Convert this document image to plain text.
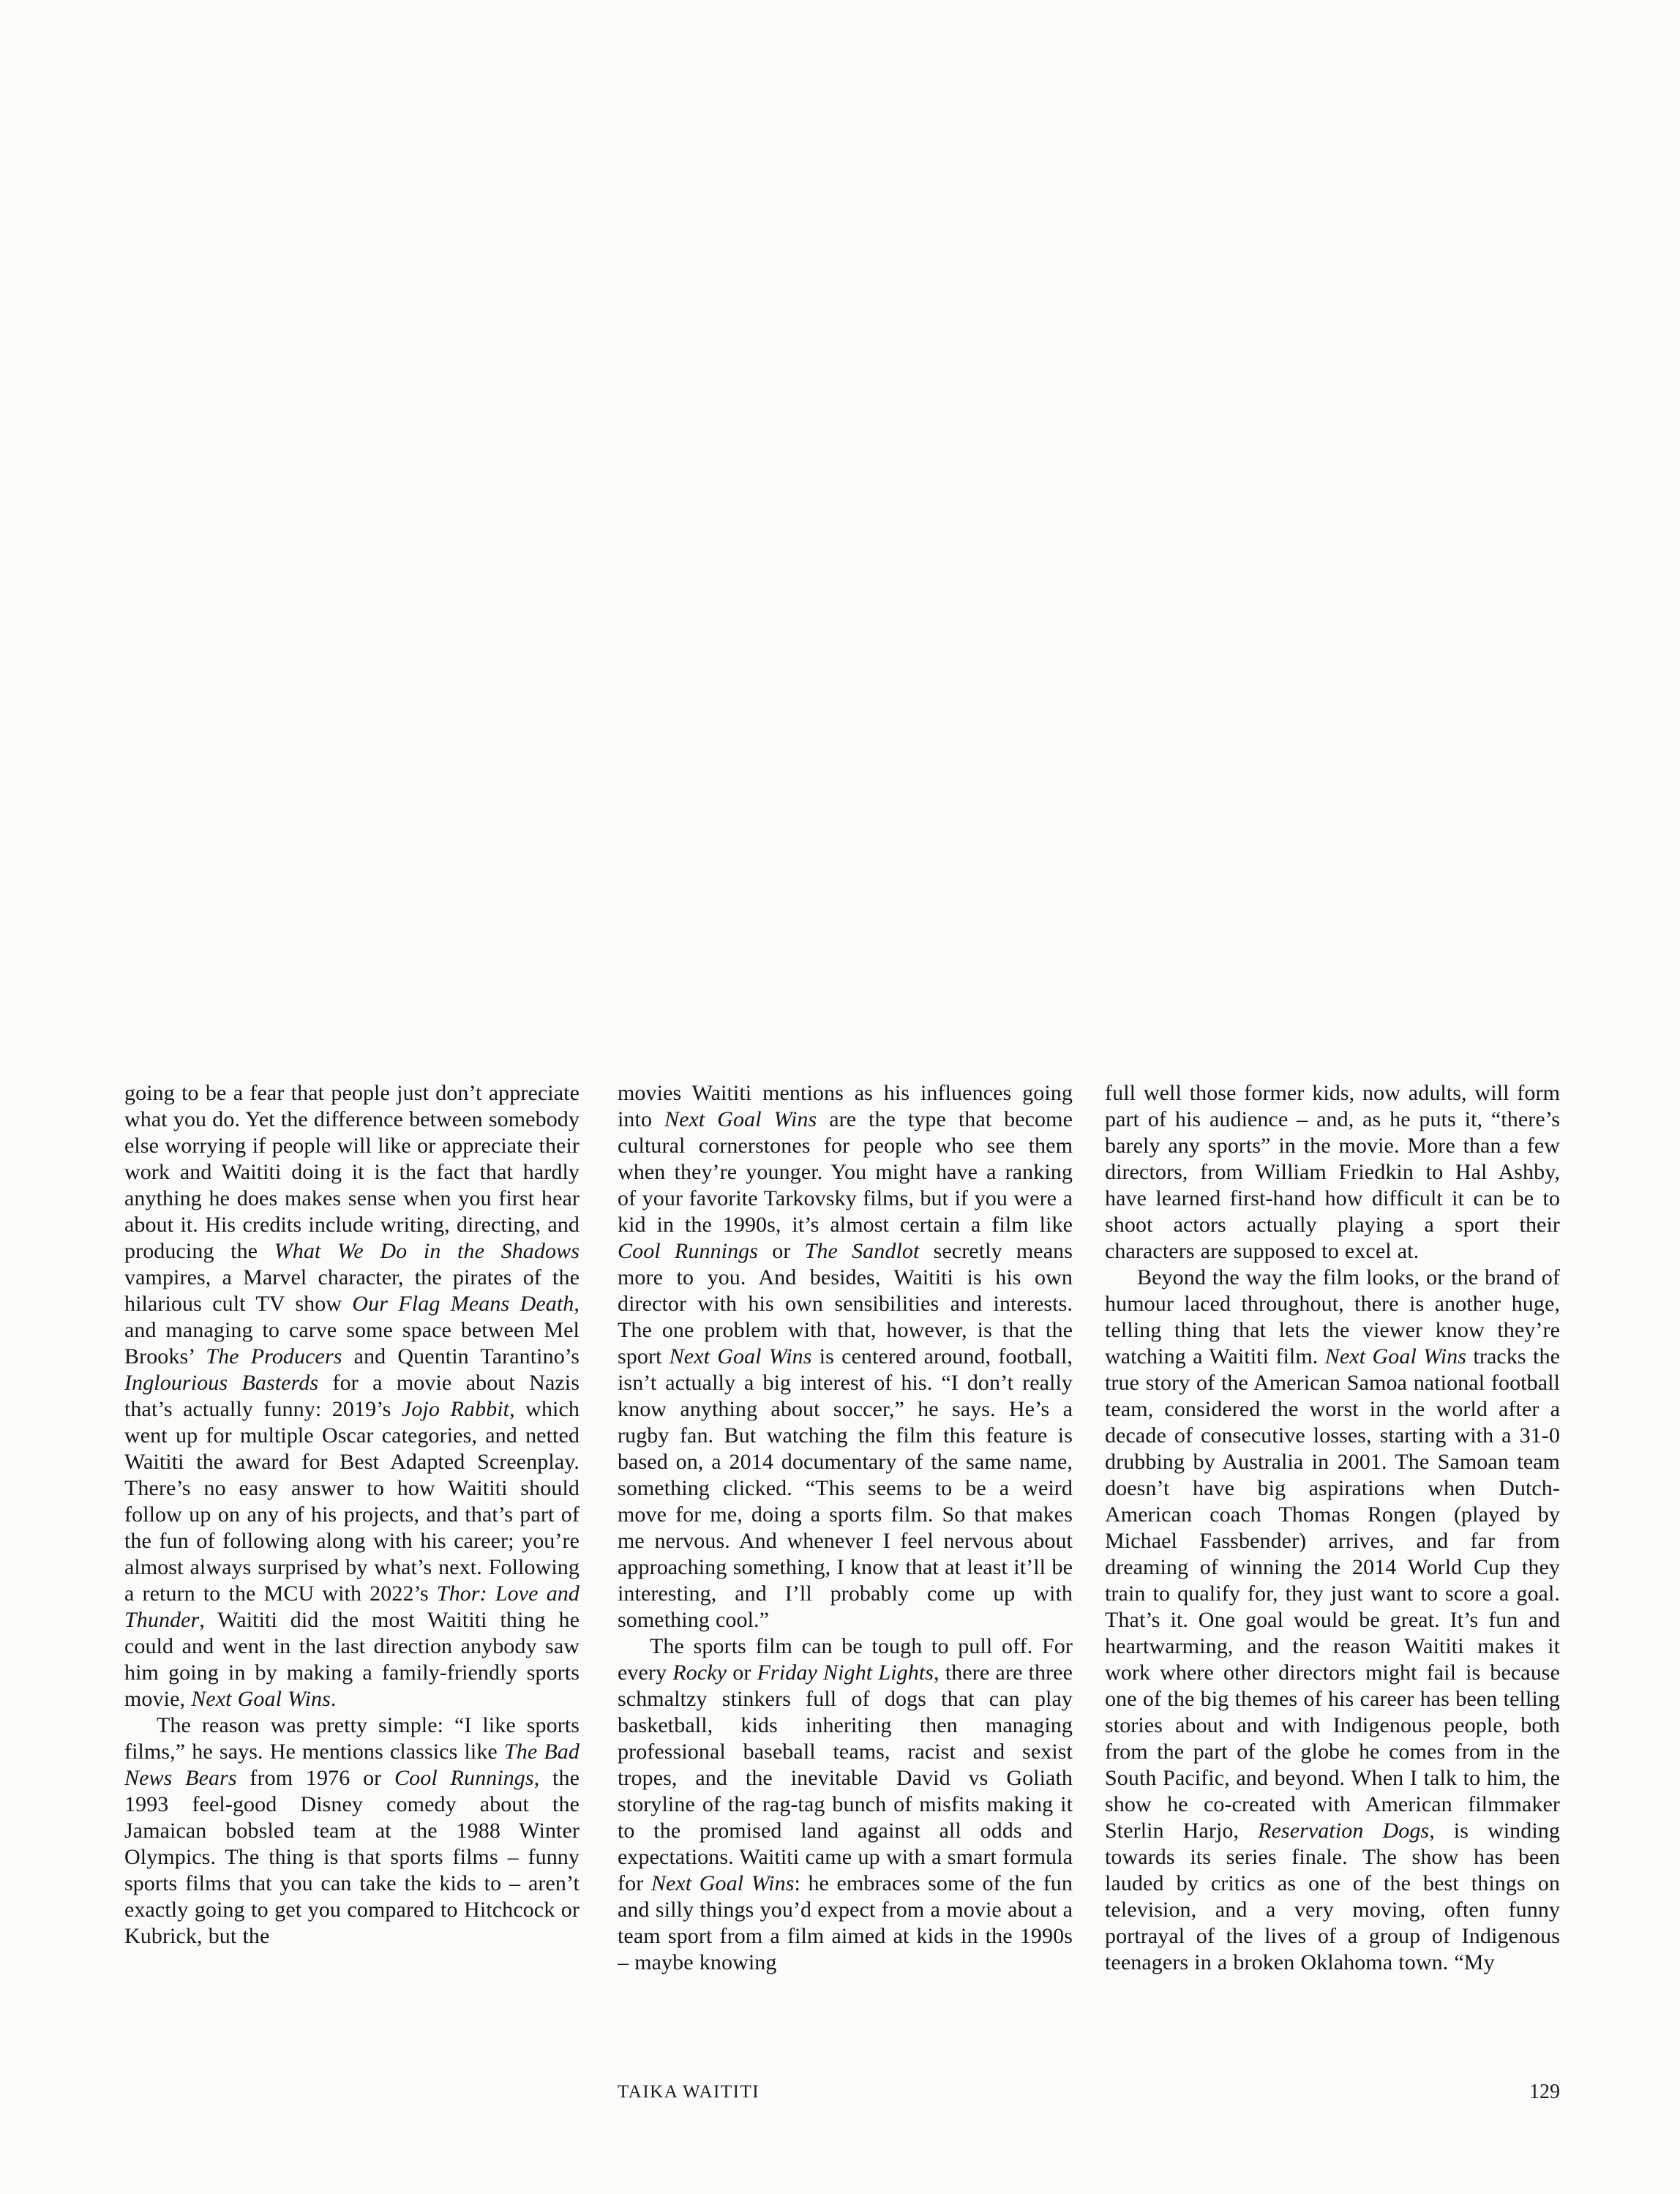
going to be a fear that people just don’t appreciate what you do. Yet the difference between somebody else worrying if people will like or appreciate their work and Waititi doing it is the fact that hardly anything he does makes sense when you first hear about it. His credits include writing, directing, and producing the What We Do in the Shadows vampires, a Marvel character, the pirates of the hilarious cult TV show Our Flag Means Death, and managing to carve some space between Mel Brooks’ The Producers and Quentin Tarantino’s Inglourious Basterds for a movie about Nazis that’s actually funny: 2019’s Jojo Rabbit, which went up for multiple Oscar categories, and netted Waititi the award for Best Adapted Screenplay. There’s no easy answer to how Waititi should follow up on any of his projects, and that’s part of the fun of following along with his career; you’re almost always surprised by what’s next. Following a return to the MCU with 2022’s Thor: Love and Thunder, Waititi did the most Waititi thing he could and went in the last direction anybody saw him going in by making a family-friendly sports movie, Next Goal Wins.

The reason was pretty simple: “I like sports films,” he says. He mentions classics like The Bad News Bears from 1976 or Cool Runnings, the 1993 feel-good Disney comedy about the Jamaican bobsled team at the 1988 Winter Olympics. The thing is that sports films – funny sports films that you can take the kids to – aren’t exactly going to get you compared to Hitchcock or Kubrick, but the

movies Waititi mentions as his influences going into Next Goal Wins are the type that become cultural cornerstones for people who see them when they’re younger. You might have a ranking of your favorite Tarkovsky films, but if you were a kid in the 1990s, it’s almost certain a film like Cool Runnings or The Sandlot secretly means more to you. And besides, Waititi is his own director with his own sensibilities and interests. The one problem with that, however, is that the sport Next Goal Wins is centered around, football, isn’t actually a big interest of his. “I don’t really know anything about soccer,” he says. He’s a rugby fan. But watching the film this feature is based on, a 2014 documentary of the same name, something clicked. “This seems to be a weird move for me, doing a sports film. So that makes me nervous. And whenever I feel nervous about approaching something, I know that at least it’ll be interesting, and I’ll probably come up with something cool.”

The sports film can be tough to pull off. For every Rocky or Friday Night Lights, there are three schmaltzy stinkers full of dogs that can play basketball, kids inheriting then managing professional baseball teams, racist and sexist tropes, and the inevitable David vs Goliath storyline of the rag-tag bunch of misfits making it to the promised land against all odds and expectations. Waititi came up with a smart formula for Next Goal Wins: he embraces some of the fun and silly things you’d expect from a movie about a team sport from a film aimed at kids in the 1990s – maybe knowing

full well those former kids, now adults, will form part of his audience – and, as he puts it, “there’s barely any sports” in the movie. More than a few directors, from William Friedkin to Hal Ashby, have learned first-hand how difficult it can be to shoot actors actually playing a sport their characters are supposed to excel at.

Beyond the way the film looks, or the brand of humour laced throughout, there is another huge, telling thing that lets the viewer know they’re watching a Waititi film. Next Goal Wins tracks the true story of the American Samoa national football team, considered the worst in the world after a decade of consecutive losses, starting with a 31-0 drubbing by Australia in 2001. The Samoan team doesn’t have big aspirations when Dutch-American coach Thomas Rongen (played by Michael Fassbender) arrives, and far from dreaming of winning the 2014 World Cup they train to qualify for, they just want to score a goal. That’s it. One goal would be great. It’s fun and heartwarming, and the reason Waititi makes it work where other directors might fail is because one of the big themes of his career has been telling stories about and with Indigenous people, both from the part of the globe he comes from in the South Pacific, and beyond. When I talk to him, the show he co-created with American filmmaker Sterlin Harjo, Reservation Dogs, is winding towards its series finale. The show has been lauded by critics as one of the best things on television, and a very moving, often funny portrayal of the lives of a group of Indigenous teenagers in a broken Oklahoma town. “My

TAIKA WAITITI	129
